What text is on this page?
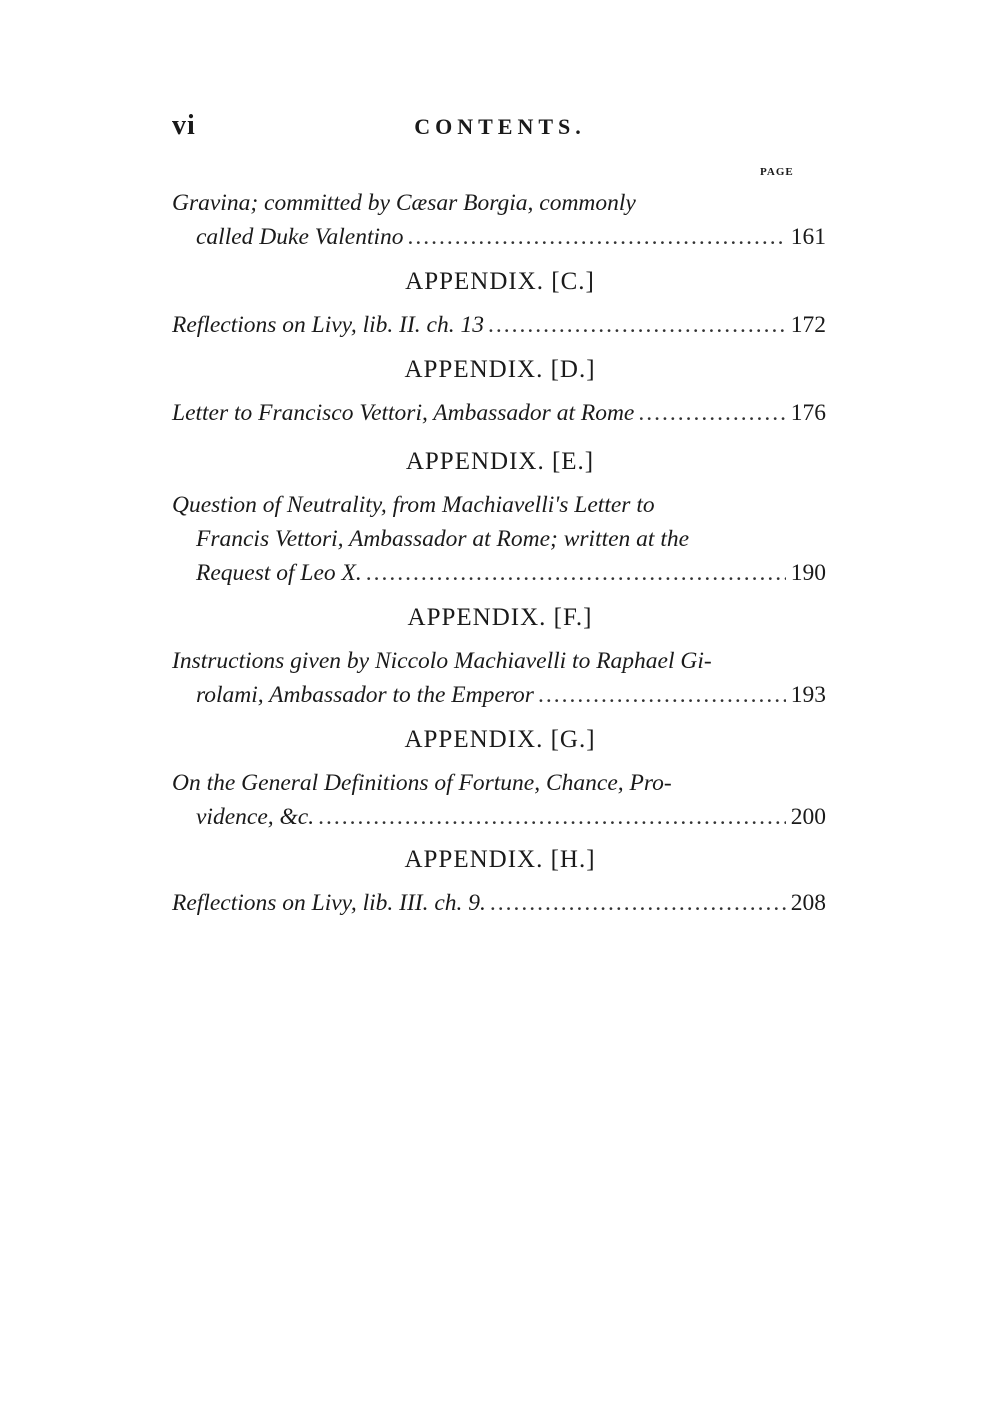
vi	CONTENTS.
PAGE
Gravina; committed by Cæsar Borgia, commonly
called Duke Valentino .....	161
APPENDIX. [C.]
Reflections on Livy, lib. II. ch. 13 .....	172
APPENDIX. [D.]
Letter to Francisco Vettori, Ambassador at Rome .....	176
APPENDIX. [E.]
Question of Neutrality, from Machiavelli's Letter to
Francis Vettori, Ambassador at Rome; written at the
Request of Leo X. .....	190
APPENDIX. [F.]
Instructions given by Niccolo Machiavelli to Raphael Gi-
rolami, Ambassador to the Emperor .....	193
APPENDIX. [G.]
On the General Definitions of Fortune, Chance, Pro-
vidence, &c. .....	200
APPENDIX. [H.]
Reflections on Livy, lib. III. ch. 9. .....	208
